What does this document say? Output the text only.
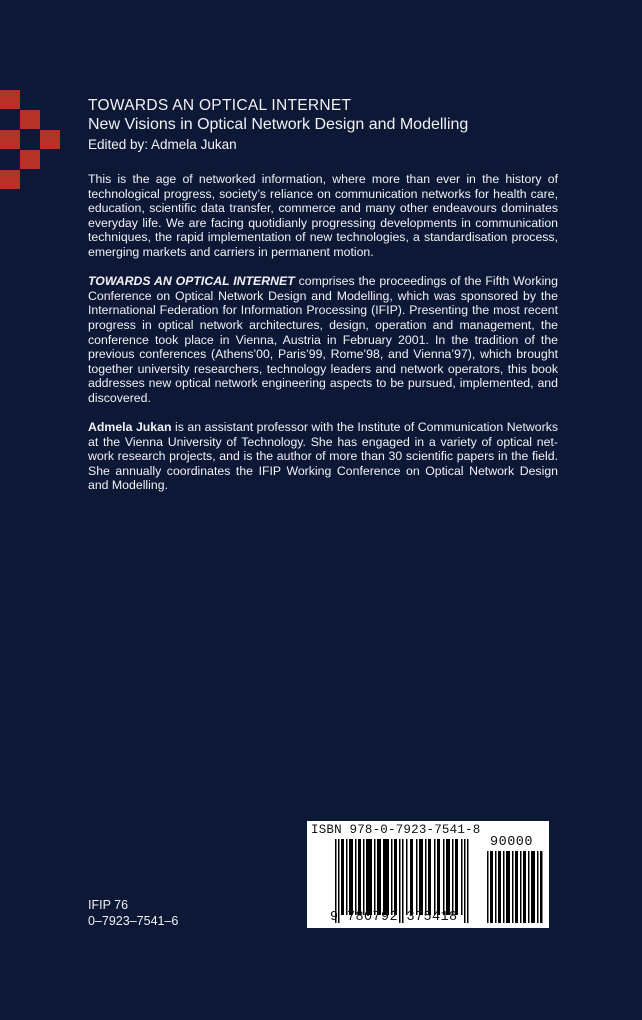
TOWARDS AN OPTICAL INTERNET
New Visions in Optical Network Design and Modelling
Edited by: Admela Jukan

This is the age of networked information, where more than ever in the history of technological progress, society’s reliance on communication networks for health care, education, scientific data transfer, commerce and many other endeavours dominates everyday life. We are facing quotidianly progressing developments in communication techniques, the rapid implementation of new technologies, a standardisation process, emerging markets and carriers in permanent motion.

TOWARDS AN OPTICAL INTERNET comprises the proceedings of the Fifth Working Conference on Optical Network Design and Modelling, which was sponsored by the International Federation for Information Processing (IFIP). Presenting the most recent progress in optical network architectures, design, operation and management, the conference took place in Vienna, Austria in February 2001. In the tradition of the previous conferences (Athens’00, Paris’99, Rome’98, and Vienna’97), which brought together university researchers, technology leaders and network operators, this book addresses new optical network engineering aspects to be pursued, implemented, and discovered.

Admela Jukan is an assistant professor with the Institute of Communication Networks at the Vienna University of Technology. She has engaged in a variety of optical network research projects, and is the author of more than 30 scientific papers in the field. She annually coordinates the IFIP Working Conference on Optical Network Design and Modelling.

IFIP 76
0–7923–7541–6
ISBN 978-0-7923-7541-8
90000
9 780792 375418
